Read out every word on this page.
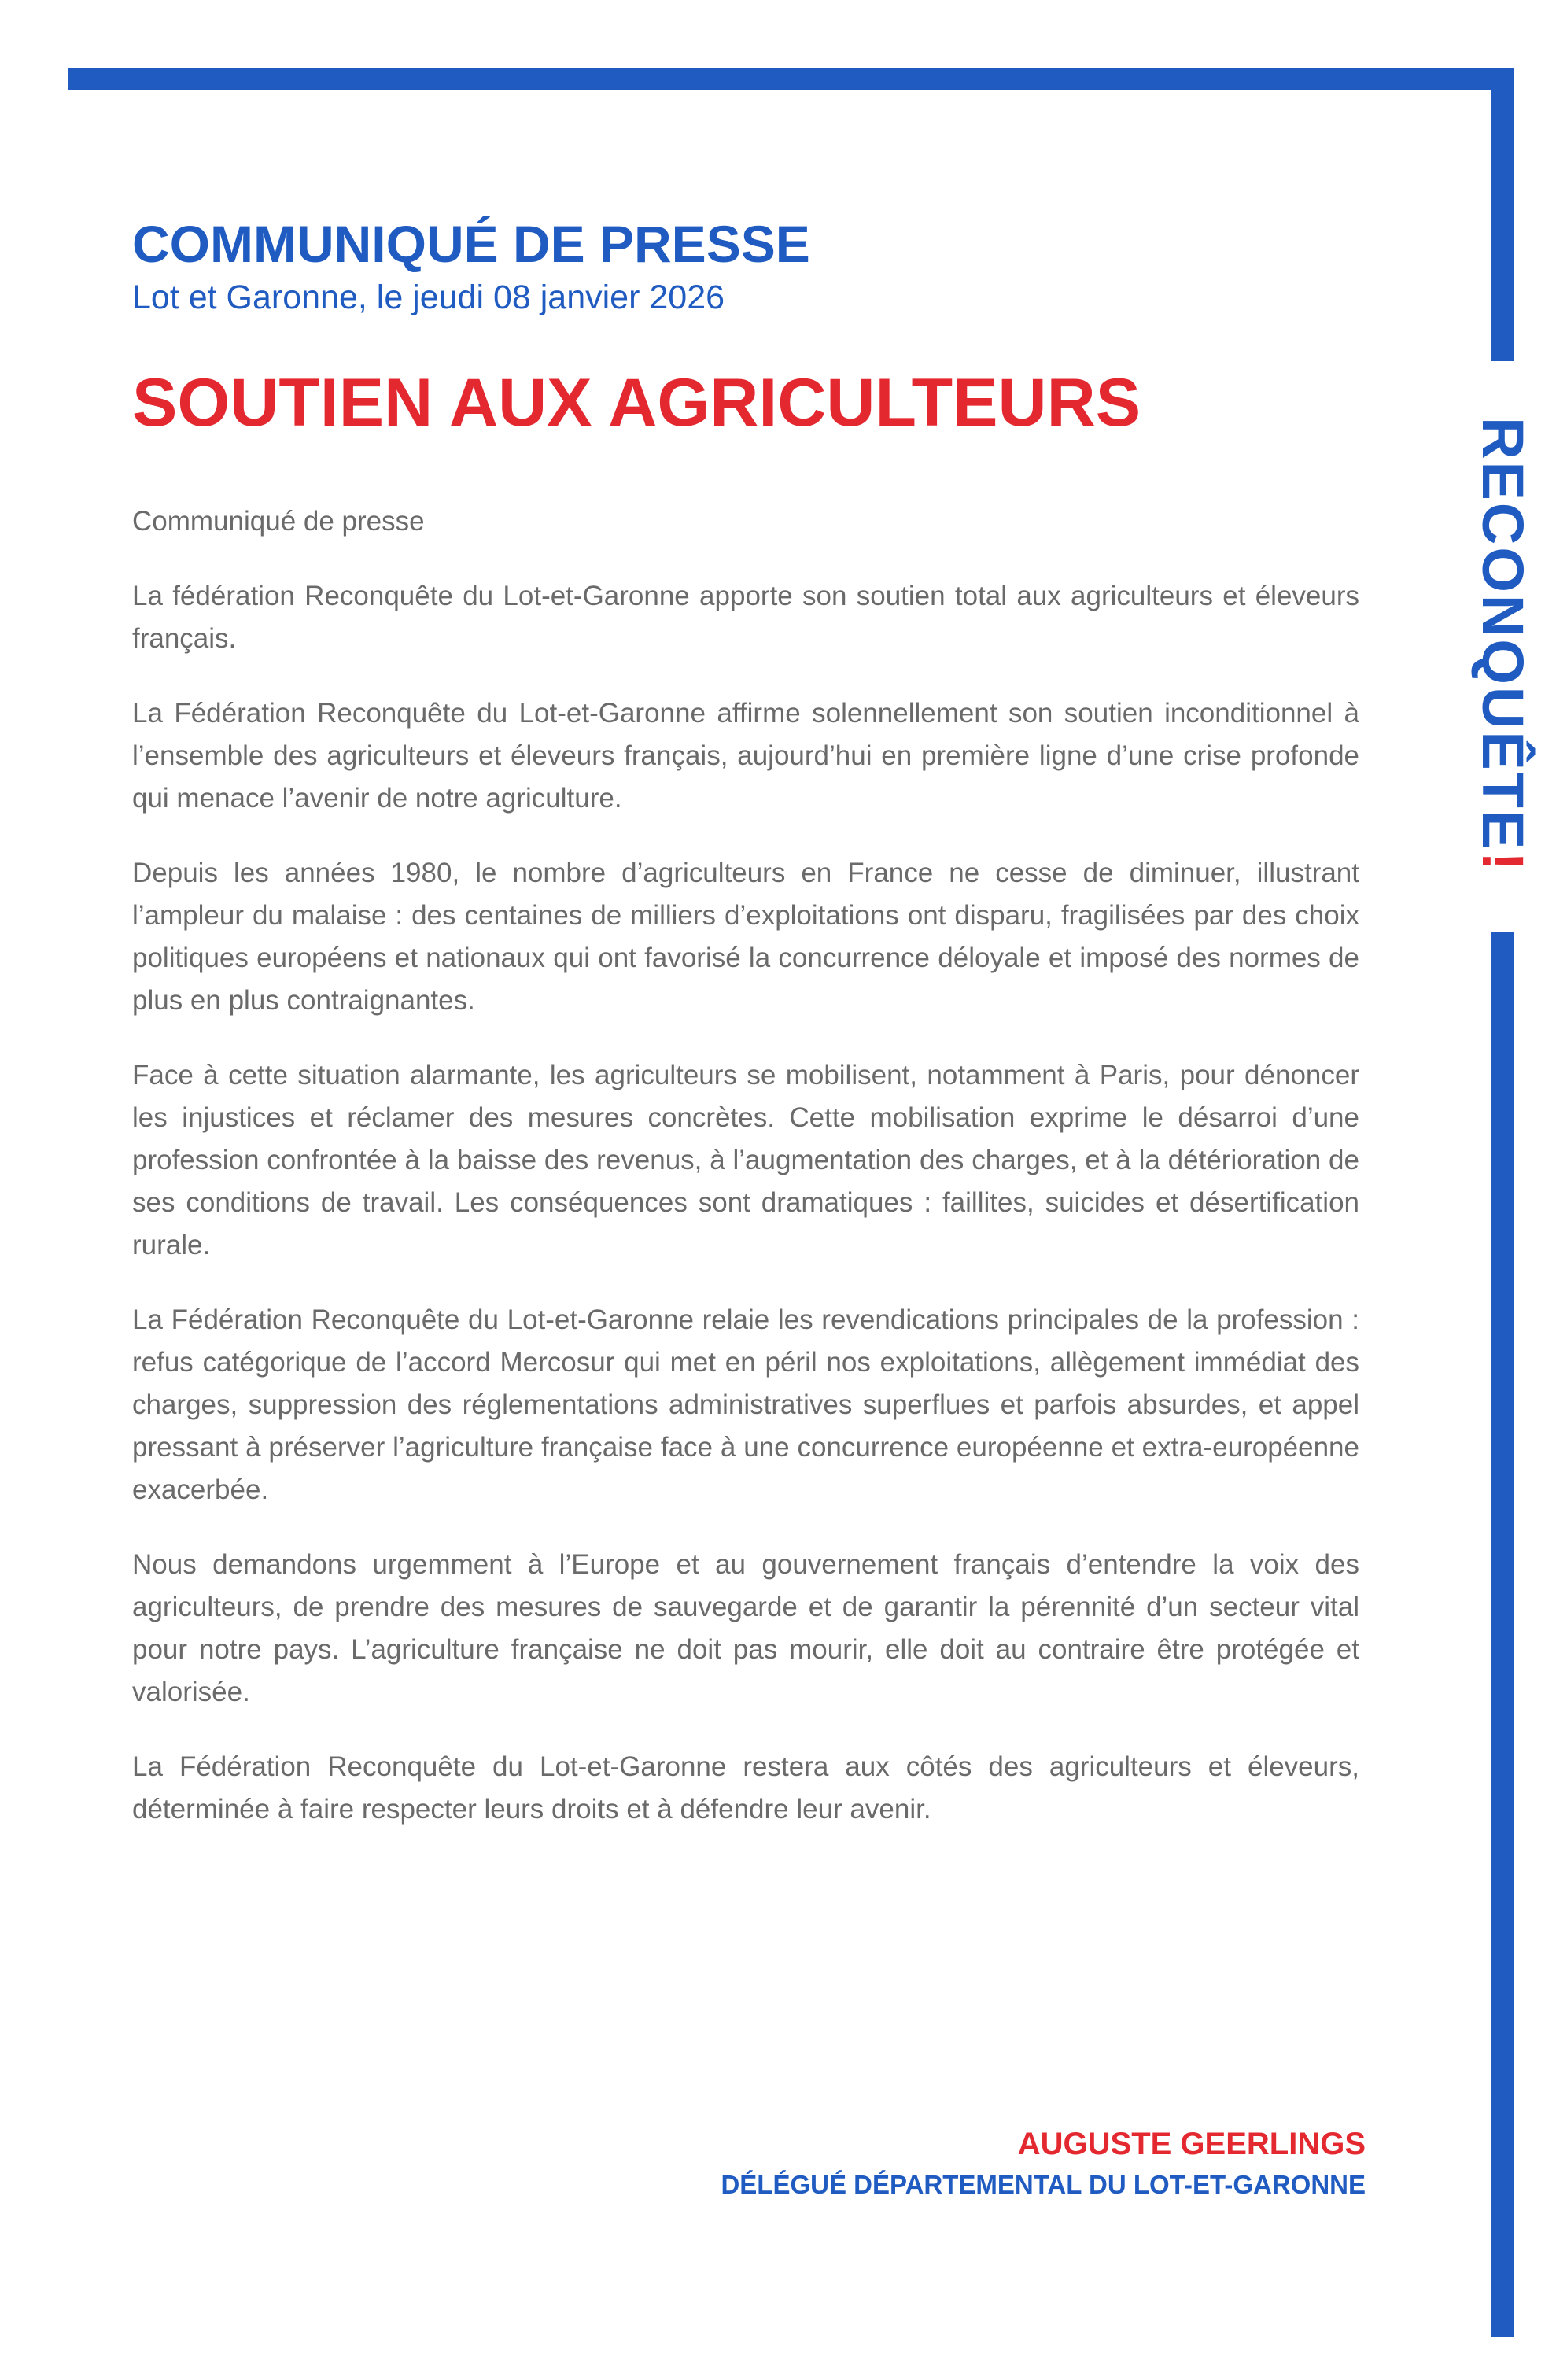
RECONQUÊTE!
COMMUNIQUÉ DE PRESSE

Lot et Garonne, le jeudi 08 janvier 2026

SOUTIEN AUX AGRICULTEURS

Communiqué de presse

La fédération Reconquête du Lot-et-Garonne apporte son soutien total aux agriculteurs et éleveurs français.

La Fédération Reconquête du Lot-et-Garonne affirme solennellement son soutien inconditionnel à l’ensemble des agriculteurs et éleveurs français, aujourd’hui en première ligne d’une crise profonde qui menace l’avenir de notre agriculture.

Depuis les années 1980, le nombre d’agriculteurs en France ne cesse de diminuer, illustrant l’ampleur du malaise : des centaines de milliers d’exploitations ont disparu, fragilisées par des choix politiques européens et nationaux qui ont favorisé la concurrence déloyale et imposé des normes de plus en plus contraignantes.

Face à cette situation alarmante, les agriculteurs se mobilisent, notamment à Paris, pour dénoncer les injustices et réclamer des mesures concrètes. Cette mobilisation exprime le désarroi d’une profession confrontée à la baisse des revenus, à l’augmentation des charges, et à la détérioration de ses conditions de travail. Les conséquences sont dramatiques : faillites, suicides et désertification rurale.

La Fédération Reconquête du Lot-et-Garonne relaie les revendications principales de la profession : refus catégorique de l’accord Mercosur qui met en péril nos exploitations, allègement immédiat des charges, suppression des réglementations administratives superflues et parfois absurdes, et appel pressant à préserver l’agriculture française face à une concurrence européenne et extra-européenne exacerbée.

Nous demandons urgemment à l’Europe et au gouvernement français d’entendre la voix des agriculteurs, de prendre des mesures de sauvegarde et de garantir la pérennité d’un secteur vital pour notre pays. L’agriculture française ne doit pas mourir, elle doit au contraire être protégée et valorisée.

La Fédération Reconquête du Lot-et-Garonne restera aux côtés des agriculteurs et éleveurs, déterminée à faire respecter leurs droits et à défendre leur avenir.

AUGUSTE GEERLINGS

DÉLÉGUÉ DÉPARTEMENTAL DU LOT-ET-GARONNE
